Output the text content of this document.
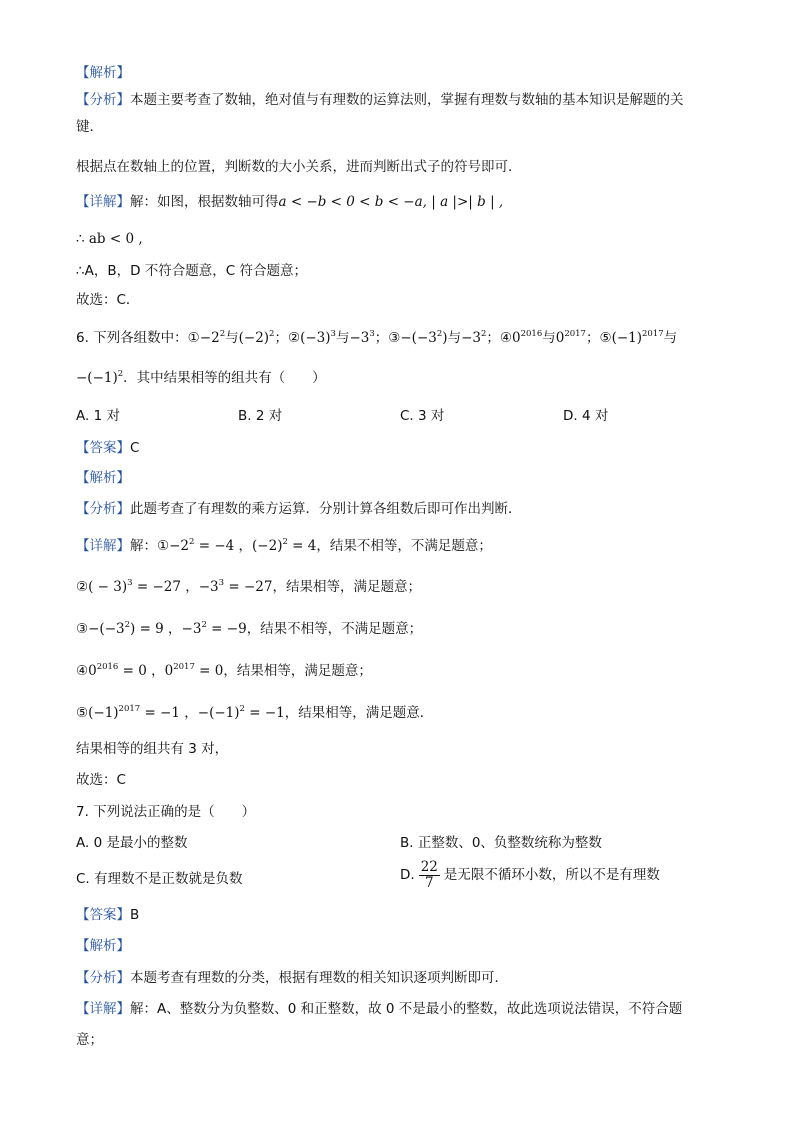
【解析】
【分析】本题主要考查了数轴，绝对值与有理数的运算法则，掌握有理数与数轴的基本知识是解题的关
键．
根据点在数轴上的位置，判断数的大小关系，进而判断出式子的符号即可．
【详解】解：如图，根据数轴可得a < −b < 0 < b < −a, | a |>| b | ,
∴ ab < 0 ,
∴A，B，D 不符合题意，C 符合题意；
故选：C．
6. 下列各组数中：$①-2^2$与$(-2)^2$；$②(-3)^3$与$-3^3$；$③-(-3^2)$与$-3^2$；$④0^{2016}$与$0^{2017}$；$⑤(-1)^{2017}$与
$-(-1)^2$．其中结果相等的组共有（　　）
A. 1 对	B. 2 对	C. 3 对	D. 4 对
【答案】C
【解析】
【分析】此题考查了有理数的乘方运算．分别计算各组数后即可作出判断．
【详解】解：$①-2^2 = -4$ ，$(-2)^2 = 4$，结果不相等，不满足题意；
②( − 3)$^3$ = −27 ，$-3^3 = -27$，结果相等，满足题意；
$③-(-3^2) = 9$ ，$-3^2 = -9$，结果不相等，不满足题意；
$④0^{2016} = 0$ ，$0^{2017} = 0$，结果相等，满足题意；
$⑤(-1)^{2017} = -1$ ，$-(-1)^2 = -1$，结果相等，满足题意．
结果相等的组共有 3 对，
故选：C
7. 下列说法正确的是（　　）
A. 0 是最小的整数	B. 正整数、0、负整数统称为整数
C. 有理数不是正数就是负数	D. $\frac{22}{7}$ 是无限不循环小数，所以不是有理数
【答案】B
【解析】
【分析】本题考查有理数的分类，根据有理数的相关知识逐项判断即可．
【详解】解：A、整数分为负整数、0 和正整数，故 0 不是最小的整数，故此选项说法错误，不符合题
意；
